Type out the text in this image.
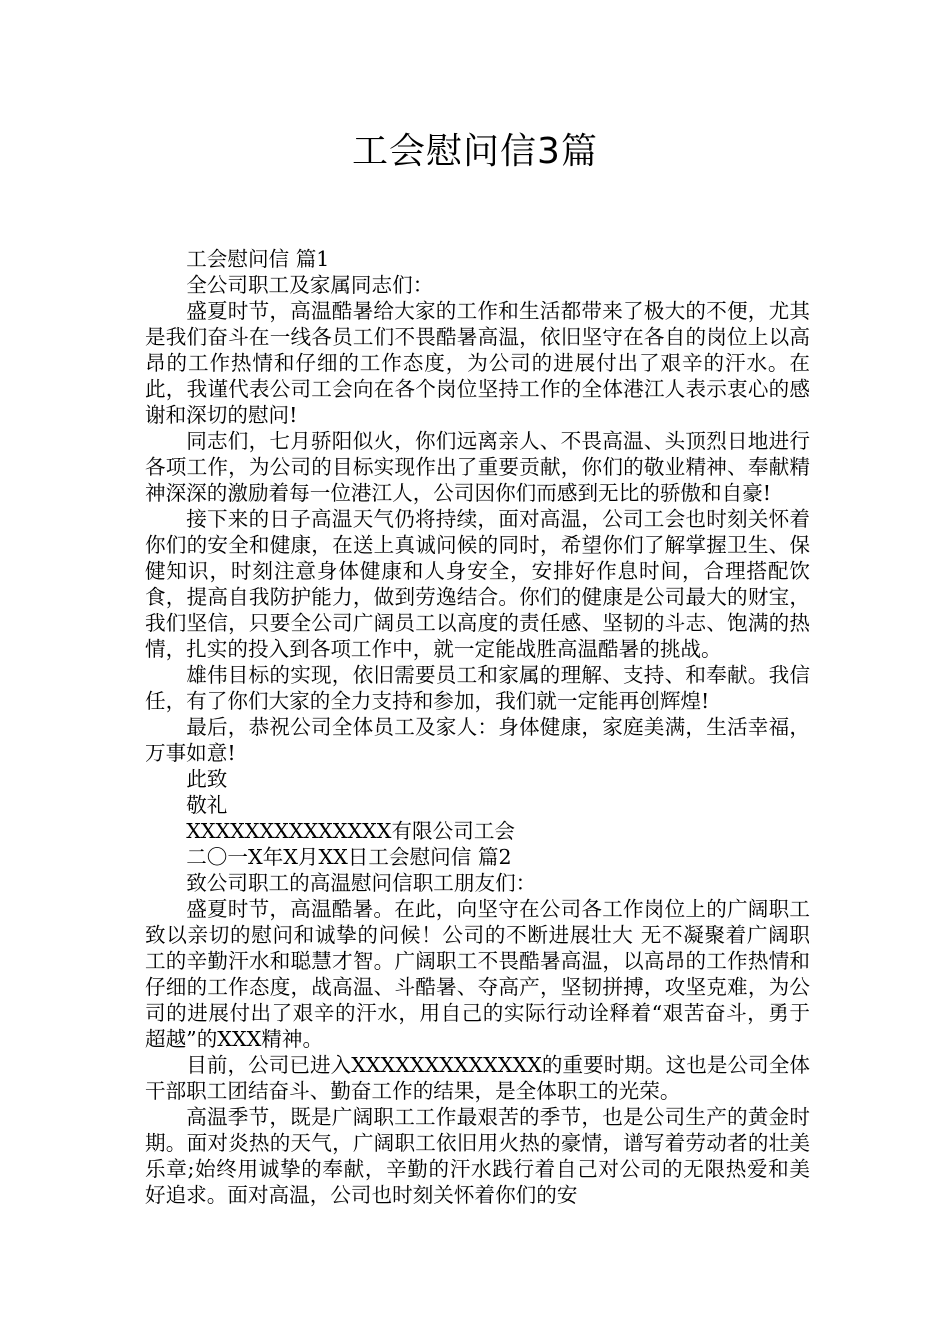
工会慰问信3篇

工会慰问信 篇1

全公司职工及家属同志们：

盛夏时节，高温酷暑给大家的工作和生活都带来了极大的不便，尤其是我们奋斗在一线各员工们不畏酷暑高温，依旧坚守在各自的岗位上以高昂的工作热情和仔细的工作态度，为公司的进展付出了艰辛的汗水。在此，我谨代表公司工会向在各个岗位坚持工作的全体港江人表示衷心的感谢和深切的慰问!

同志们，七月骄阳似火，你们远离亲人、不畏高温、头顶烈日地进行各项工作，为公司的目标实现作出了重要贡献，你们的敬业精神、奉献精神深深的激励着每一位港江人，公司因你们而感到无比的骄傲和自豪!

接下来的日子高温天气仍将持续，面对高温，公司工会也时刻关怀着你们的安全和健康，在送上真诚问候的同时，希望你们了解掌握卫生、保健知识，时刻注意身体健康和人身安全，安排好作息时间，合理搭配饮食，提高自我防护能力，做到劳逸结合。你们的健康是公司最大的财宝，我们坚信，只要全公司广阔员工以高度的责任感、坚韧的斗志、饱满的热情，扎实的投入到各项工作中，就一定能战胜高温酷暑的挑战。

雄伟目标的实现，依旧需要员工和家属的理解、支持、和奉献。我信任，有了你们大家的全力支持和参加，我们就一定能再创辉煌!

最后，恭祝公司全体员工及家人：身体健康，家庭美满，生活幸福，万事如意!

此致

敬礼

XXXXXXXXXXXXXX有限公司工会

二〇一X年X月XX日工会慰问信 篇2

致公司职工的高温慰问信职工朋友们：

盛夏时节，高温酷暑。在此，向坚守在公司各工作岗位上的广阔职工致以亲切的慰问和诚挚的问候！公司的不断进展壮大 无不凝聚着广阔职工的辛勤汗水和聪慧才智。广阔职工不畏酷暑高温，以高昂的工作热情和仔细的工作态度，战高温、斗酷暑、夺高产，坚韧拼搏，攻坚克难，为公司的进展付出了艰辛的汗水，用自己的实际行动诠释着“艰苦奋斗，勇于超越”的XXX精神。

目前，公司已进入XXXXXXXXXXXXX的重要时期。这也是公司全体干部职工团结奋斗、勤奋工作的结果，是全体职工的光荣。

高温季节，既是广阔职工工作最艰苦的季节，也是公司生产的黄金时期。面对炎热的天气，广阔职工依旧用火热的豪情，谱写着劳动者的壮美乐章;始终用诚挚的奉献，辛勤的汗水践行着自己对公司的无限热爱和美好追求。面对高温，公司也时刻关怀着你们的安
